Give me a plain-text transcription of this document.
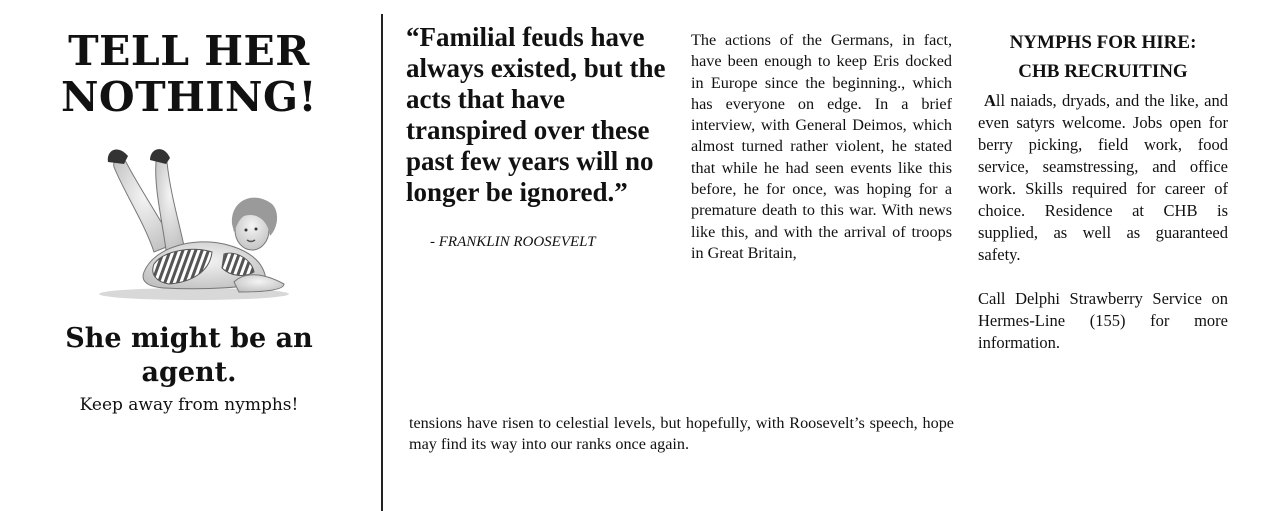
TELL HER
NOTHING!
She might be an
agent.
Keep away from nymphs!
“Familial feuds have always existed, but the acts that have transpired over these past few years will no longer be ignored.”
- FRANKLIN ROOSEVELT
The actions of the Germans, in fact, have been enough to keep Eris docked in Europe since the beginning., which has everyone on edge. In a brief interview, with General Deimos, which almost turned rather violent, he stated that while he had seen events like this before, he for once, was hoping for a premature death to this war. With news like this, and with the arrival of troops in Great Britain,
tensions have risen to celestial levels, but hopefully, with Roosevelt’s speech, hope may find its way into our ranks once again.
NYMPHS FOR HIRE:
CHB RECRUITING
All naiads, dryads, and the like, and even satyrs welcome. Jobs open for berry picking, field work, food service, seamstressing, and office work. Skills required for career of choice. Residence at CHB is supplied, as well as guaranteed safety.
Call Delphi Strawberry Service on Hermes-Line (155) for more information.
